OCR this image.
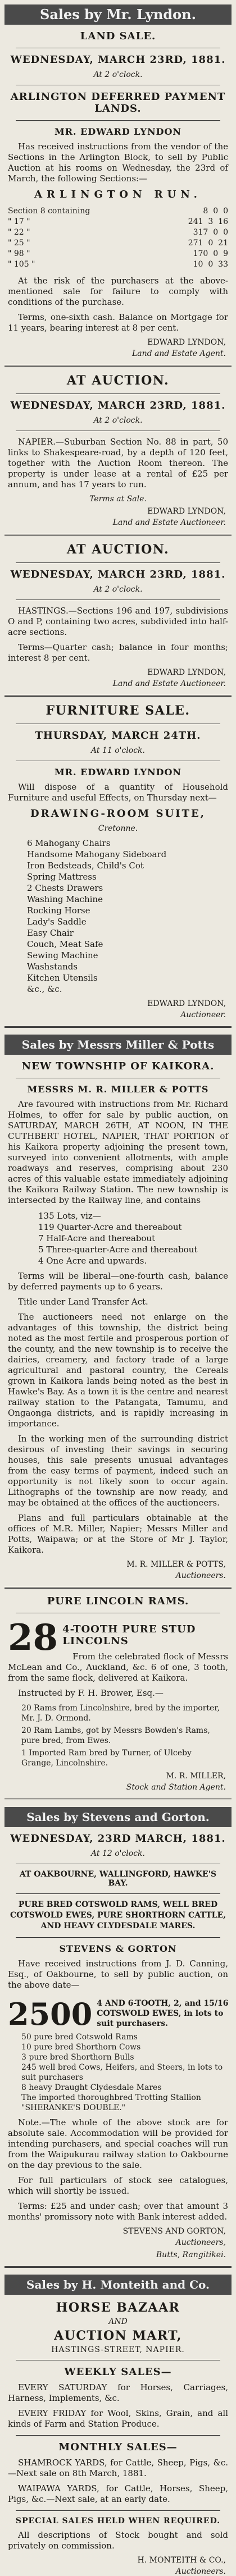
Sales by Mr. Lyndon.
LAND SALE.
WEDNESDAY, MARCH 23RD, 1881.
At 2 o'clock.
ARLINGTON DEFERRED PAYMENT LANDS.
MR. EDWARD LYNDON

Has received instructions from the vendor of the Sections in the Arlington Block, to sell by Public Auction at his rooms on Wednesday, the 23rd of March, the following Sections:—

ARLINGTON RUN.
Section 8 containing	8 0 0
" 17 "	241 3 16
" 22 "	317 0 0
" 25 "	271 0 21
" 98 "	170 0 9
" 105 "	10 0 33

At the risk of the purchasers at the above-mentioned sale for failure to comply with conditions of the purchase.

Terms, one-sixth cash. Balance on Mortgage for 11 years, bearing interest at 8 per cent.

EDWARD LYNDON,
Land and Estate Agent.
AT AUCTION.
WEDNESDAY, MARCH 23RD, 1881.
At 2 o'clock.

NAPIER.—Suburban Section No. 88 in part, 50 links to Shakespeare-road, by a depth of 120 feet, together with the Auction Room thereon. The property is under lease at a rental of £25 per annum, and has 17 years to run.

Terms at Sale.
EDWARD LYNDON,
Land and Estate Auctioneer.
AT AUCTION.
WEDNESDAY, MARCH 23RD, 1881.
At 2 o'clock.

HASTINGS.—Sections 196 and 197, subdivisions O and P, containing two acres, subdivided into half-acre sections.

Terms—Quarter cash; balance in four months; interest 8 per cent.

EDWARD LYNDON,
Land and Estate Auctioneer.
FURNITURE SALE.
THURSDAY, MARCH 24TH.
At 11 o'clock.
MR. EDWARD LYNDON

Will dispose of a quantity of Household Furniture and useful Effects, on Thursday next—

DRAWING-ROOM SUITE,
Cretonne.
6 Mahogany Chairs
Handsome Mahogany Sideboard
Iron Bedsteads, Child's Cot
Spring Mattress
2 Chests Drawers
Washing Machine
Rocking Horse
Lady's Saddle
Easy Chair
Couch, Meat Safe
Sewing Machine
Washstands
Kitchen Utensils
&c., &c.
EDWARD LYNDON,
Auctioneer.
Sales by Messrs Miller & Potts
NEW TOWNSHIP OF KAIKORA.
MESSRS M. R. MILLER & POTTS

Are favoured with instructions from Mr. Richard Holmes, to offer for sale by public auction, on SATURDAY, MARCH 26TH, AT NOON, IN THE CUTHBERT HOTEL, NAPIER, THAT PORTION of his Kaikora property adjoining the present town, surveyed into convenient allotments, with ample roadways and reserves, comprising about 230 acres of this valuable estate immediately adjoining the Kaikora Railway Station. The new township is intersected by the Railway line, and contains

135 Lots, viz—
119 Quarter-Acre and thereabout
7 Half-Acre and thereabout
5 Three-quarter-Acre and thereabout
4 One Acre and upwards.

Terms will be liberal—one-fourth cash, balance by deferred payments up to 6 years.

Title under Land Transfer Act.

The auctioneers need not enlarge on the advantages of this township, the district being noted as the most fertile and prosperous portion of the county, and the new township is to receive the dairies, creamery, and factory trade of a large agricultural and pastoral country, the Cereals grown in Kaikora lands being noted as the best in Hawke's Bay. As a town it is the centre and nearest railway station to the Patangata, Tamumu, and Ongaonga districts, and is rapidly increasing in importance.

In the working men of the surrounding district desirous of investing their savings in securing houses, this sale presents unusual advantages from the easy terms of payment, indeed such an opportunity is not likely soon to occur again. Lithographs of the township are now ready, and may be obtained at the offices of the auctioneers.

Plans and full particulars obtainable at the offices of M.R. Miller, Napier; Messrs Miller and Potts, Waipawa; or at the Store of Mr J. Taylor, Kaikora.

M. R. MILLER & POTTS,
Auctioneers.
PURE LINCOLN RAMS.
28 4-TOOTH PURE STUD LINCOLNS

From the celebrated flock of Messrs McLean and Co., Auckland, &c. 6 of one, 3 tooth, from the same flock, delivered at Kaikora.

Instructed by F. H. Brower, Esq.—

20 Rams from Lincolnshire, bred by the importer, Mr. J. D. Ormond.
20 Ram Lambs, got by Messrs Bowden's Rams, pure bred, from Ewes.
1 Imported Ram bred by Turner, of Ulceby Grange, Lincolnshire.
M. R. MILLER,
Stock and Station Agent.
Sales by Stevens and Gorton.
WEDNESDAY, 23RD MARCH, 1881.
At 12 o'clock.
AT OAKBOURNE, WALLINGFORD, HAWKE'S BAY.
PURE BRED COTSWOLD RAMS, WELL BRED COTSWOLD EWES, PURE SHORTHORN CATTLE, AND HEAVY CLYDESDALE MARES.
STEVENS & GORTON

Have received instructions from J. D. Canning, Esq., of Oakbourne, to sell by public auction, on the above date—

2500 4 AND 6-TOOTH, 2, and 15/16 COTSWOLD EWES, in lots to suit purchasers.
50 pure bred Cotswold Rams
10 pure bred Shorthorn Cows
3 pure bred Shorthorn Bulls
245 well bred Cows, Heifers, and Steers, in lots to suit purchasers
8 heavy Draught Clydesdale Mares
The imported thoroughbred Trotting Stallion "SHERANKE'S DOUBLE."

Note.—The whole of the above stock are for absolute sale. Accommodation will be provided for intending purchasers, and special coaches will run from the Waipukurau railway station to Oakbourne on the day previous to the sale.

For full particulars of stock see catalogues, which will shortly be issued.

Terms: £25 and under cash; over that amount 3 months' promissory note with Bank interest added.

STEVENS AND GORTON,
Auctioneers,
Butts, Rangitikei.
Sales by H. Monteith and Co.
HORSE BAZAAR
AND
AUCTION MART,
HASTINGS-STREET, NAPIER.
WEEKLY SALES—

EVERY SATURDAY for Horses, Carriages, Harness, Implements, &c.

EVERY FRIDAY for Wool, Skins, Grain, and all kinds of Farm and Station Produce.

MONTHLY SALES—

SHAMROCK YARDS, for Cattle, Sheep, Pigs, &c.—Next sale on 8th March, 1881.

WAIPAWA YARDS, for Cattle, Horses, Sheep, Pigs, &c.—Next sale, at an early date.

SPECIAL SALES HELD WHEN REQUIRED.

All descriptions of Stock bought and sold privately on commission.

H. MONTEITH & CO.,
Auctioneers.
